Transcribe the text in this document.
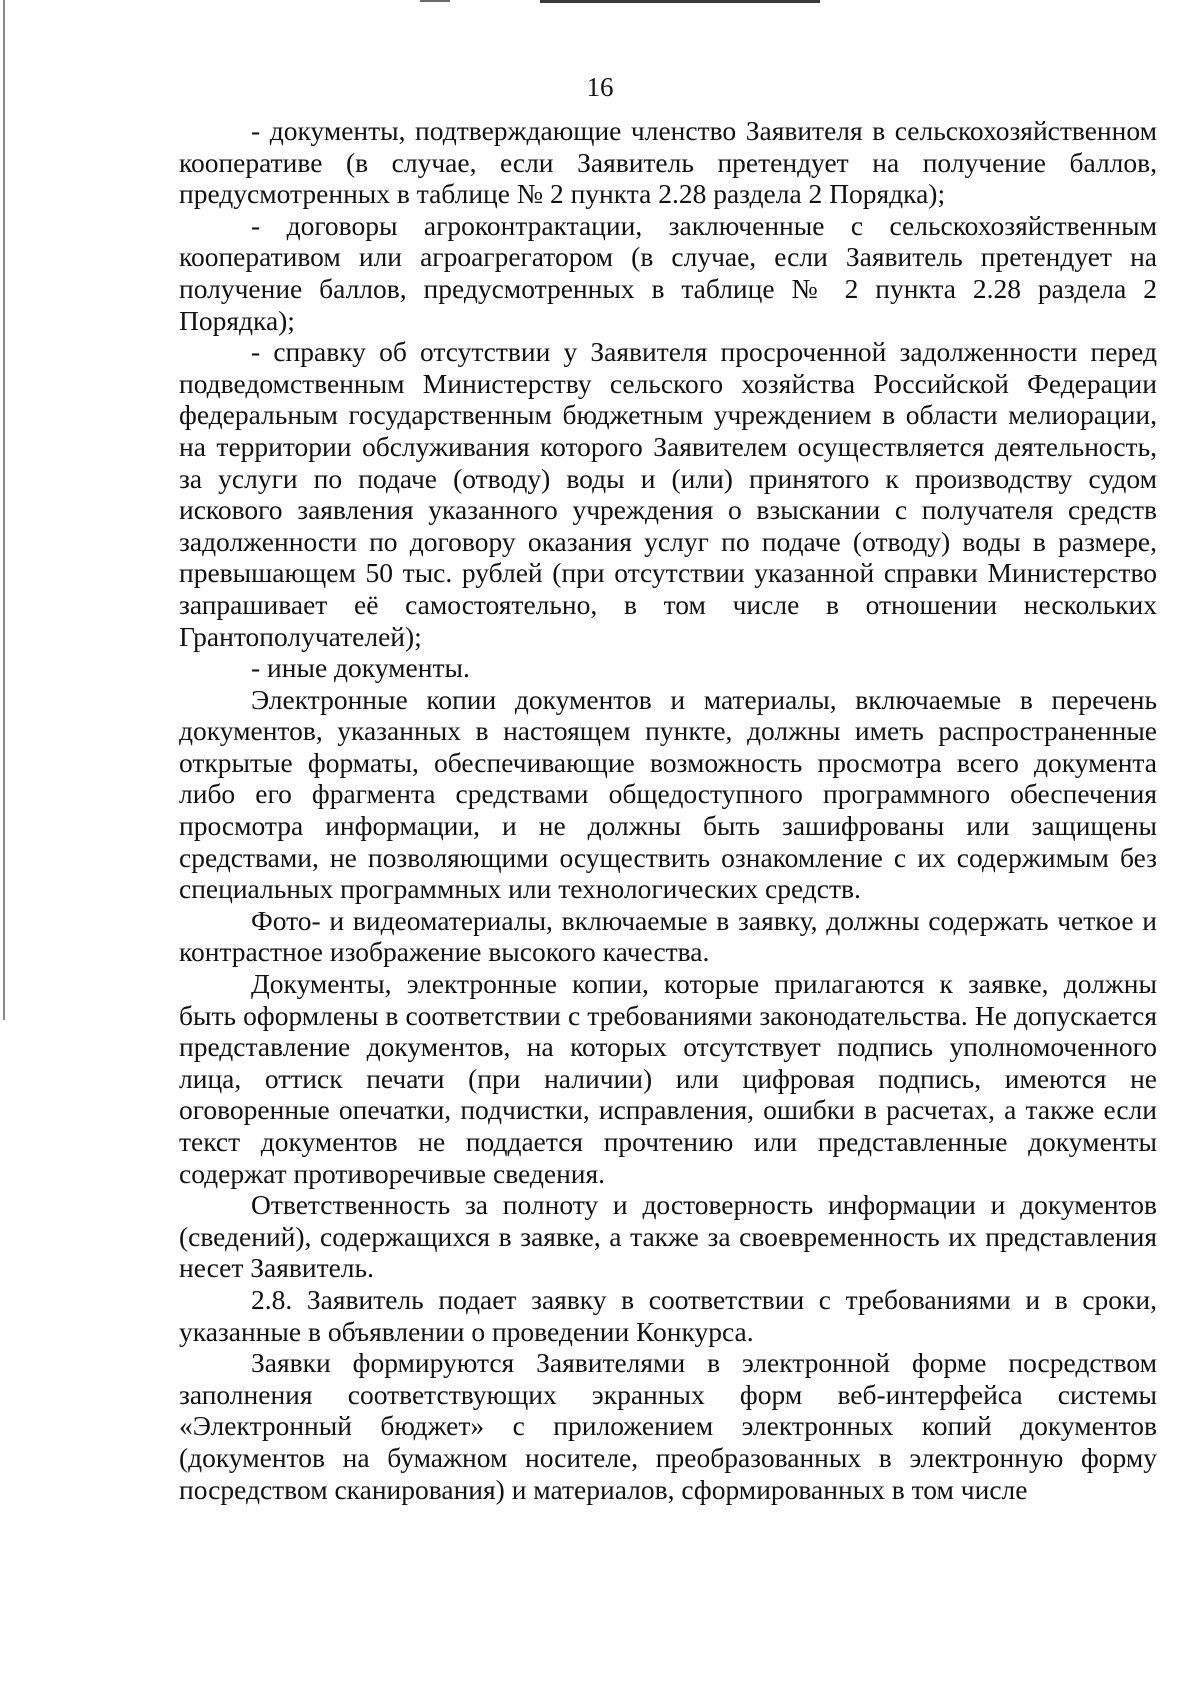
16

- документы, подтверждающие членство Заявителя в сельскохозяйственном кооперативе (в случае, если Заявитель претендует на получение баллов, предусмотренных в таблице № 2 пункта 2.28 раздела 2 Порядка);

- договоры агроконтрактации, заключенные с сельскохозяйственным кооперативом или агроагрегатором (в случае, если Заявитель претендует на получение баллов, предусмотренных в таблице № 2 пункта 2.28 раздела 2 Порядка);

- справку об отсутствии у Заявителя просроченной задолженности перед подведомственным Министерству сельского хозяйства Российской Федерации федеральным государственным бюджетным учреждением в области мелиорации, на территории обслуживания которого Заявителем осуществляется деятельность, за услуги по подаче (отводу) воды и (или) принятого к производству судом искового заявления указанного учреждения о взыскании с получателя средств задолженности по договору оказания услуг по подаче (отводу) воды в размере, превышающем 50 тыс. рублей (при отсутствии указанной справки Министерство запрашивает её самостоятельно, в том числе в отношении нескольких Грантополучателей);

- иные документы.

Электронные копии документов и материалы, включаемые в перечень документов, указанных в настоящем пункте, должны иметь распространенные открытые форматы, обеспечивающие возможность просмотра всего документа либо его фрагмента средствами общедоступного программного обеспечения просмотра информации, и не должны быть зашифрованы или защищены средствами, не позволяющими осуществить ознакомление с их содержимым без специальных программных или технологических средств.

Фото- и видеоматериалы, включаемые в заявку, должны содержать четкое и контрастное изображение высокого качества.

Документы, электронные копии, которые прилагаются к заявке, должны быть оформлены в соответствии с требованиями законодательства. Не допускается представление документов, на которых отсутствует подпись уполномоченного лица, оттиск печати (при наличии) или цифровая подпись, имеются не оговоренные опечатки, подчистки, исправления, ошибки в расчетах, а также если текст документов не поддается прочтению или представленные документы содержат противоречивые сведения.

Ответственность за полноту и достоверность информации и документов (сведений), содержащихся в заявке, а также за своевременность их представления несет Заявитель.

2.8. Заявитель подает заявку в соответствии с требованиями и в сроки, указанные в объявлении о проведении Конкурса.

Заявки формируются Заявителями в электронной форме посредством заполнения соответствующих экранных форм веб-интерфейса системы «Электронный бюджет» с приложением электронных копий документов (документов на бумажном носителе, преобразованных в электронную форму посредством сканирования) и материалов, сформированных в том числе
